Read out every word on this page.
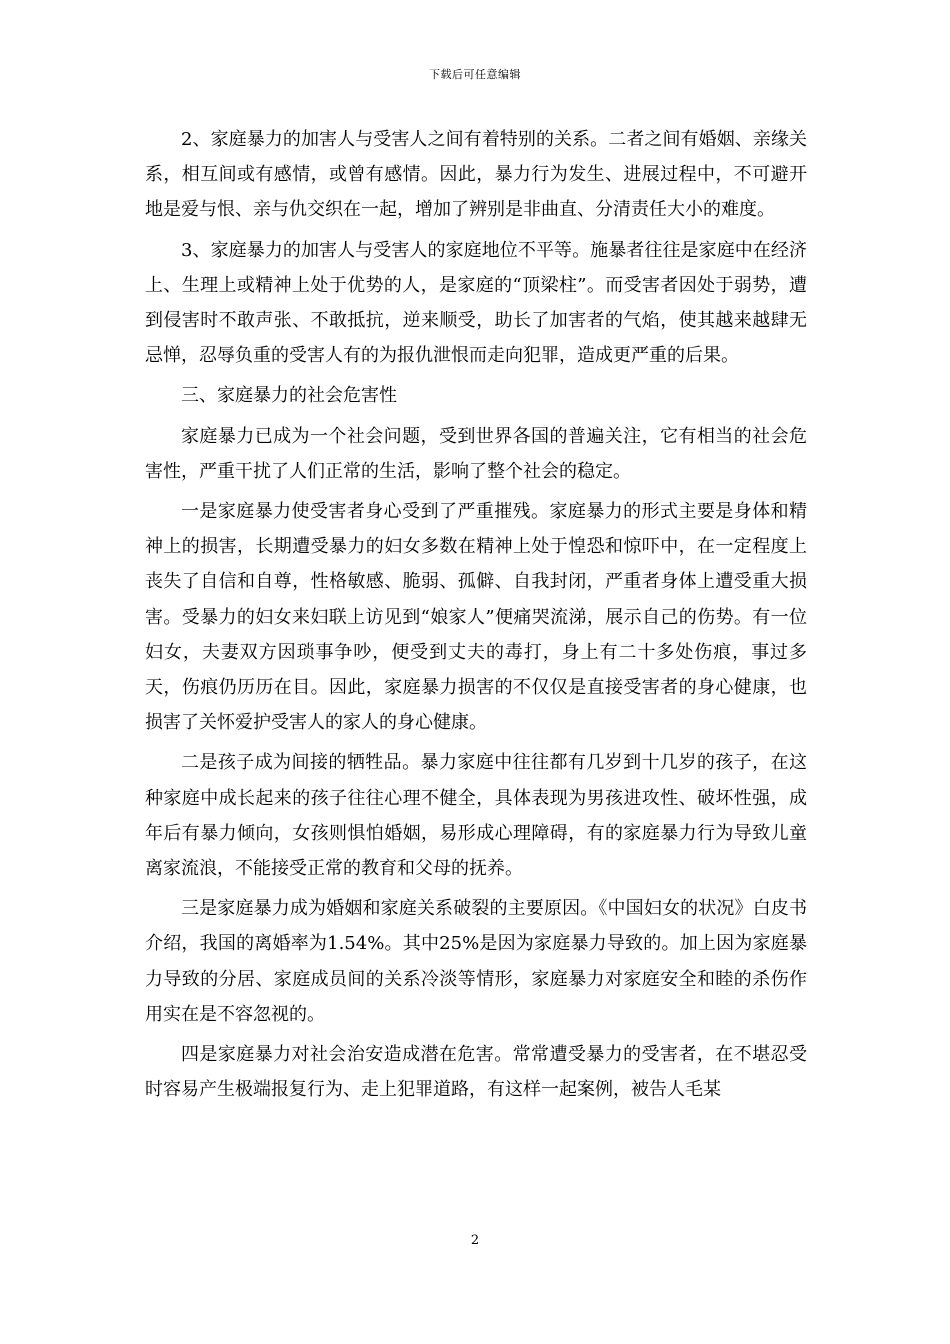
下载后可任意编辑

2、家庭暴力的加害人与受害人之间有着特别的关系。二者之间有婚姻、亲缘关系，相互间或有感情，或曾有感情。因此，暴力行为发生、进展过程中，不可避开地是爱与恨、亲与仇交织在一起，增加了辨别是非曲直、分清责任大小的难度。

3、家庭暴力的加害人与受害人的家庭地位不平等。施暴者往往是家庭中在经济上、生理上或精神上处于优势的人，是家庭的“顶梁柱”。而受害者因处于弱势，遭到侵害时不敢声张、不敢抵抗，逆来顺受，助长了加害者的气焰，使其越来越肆无忌惮，忍辱负重的受害人有的为报仇泄恨而走向犯罪，造成更严重的后果。

三、家庭暴力的社会危害性

家庭暴力已成为一个社会问题，受到世界各国的普遍关注，它有相当的社会危害性，严重干扰了人们正常的生活，影响了整个社会的稳定。

一是家庭暴力使受害者身心受到了严重摧残。家庭暴力的形式主要是身体和精神上的损害，长期遭受暴力的妇女多数在精神上处于惶恐和惊吓中，在一定程度上丧失了自信和自尊，性格敏感、脆弱、孤僻、自我封闭，严重者身体上遭受重大损害。受暴力的妇女来妇联上访见到“娘家人”便痛哭流涕，展示自己的伤势。有一位妇女，夫妻双方因琐事争吵，便受到丈夫的毒打，身上有二十多处伤痕，事过多天，伤痕仍历历在目。因此，家庭暴力损害的不仅仅是直接受害者的身心健康，也损害了关怀爱护受害人的家人的身心健康。

二是孩子成为间接的牺牲品。暴力家庭中往往都有几岁到十几岁的孩子，在这种家庭中成长起来的孩子往往心理不健全，具体表现为男孩进攻性、破坏性强，成年后有暴力倾向，女孩则惧怕婚姻，易形成心理障碍，有的家庭暴力行为导致儿童离家流浪，不能接受正常的教育和父母的抚养。

三是家庭暴力成为婚姻和家庭关系破裂的主要原因。《中国妇女的状况》白皮书介绍，我国的离婚率为1.54%。其中25%是因为家庭暴力导致的。加上因为家庭暴力导致的分居、家庭成员间的关系冷淡等情形，家庭暴力对家庭安全和睦的杀伤作用实在是不容忽视的。

四是家庭暴力对社会治安造成潜在危害。常常遭受暴力的受害者，在不堪忍受时容易产生极端报复行为、走上犯罪道路，有这样一起案例，被告人毛某

2
